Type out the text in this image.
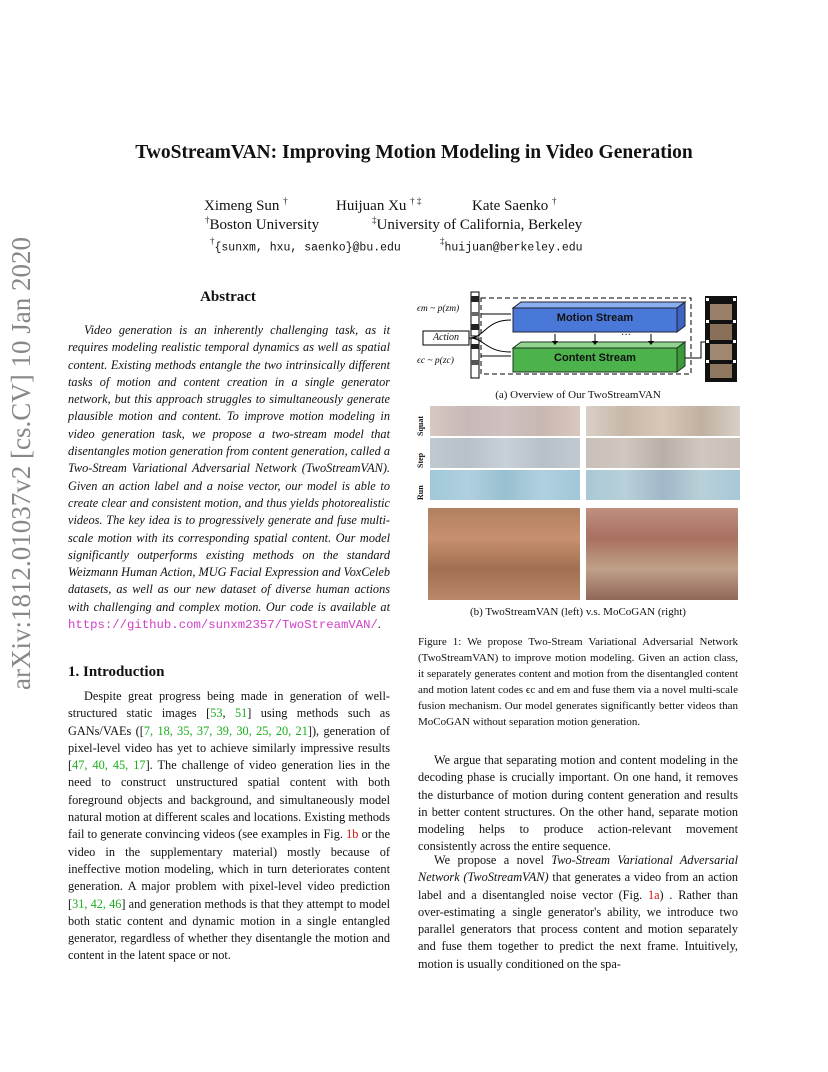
arXiv:1812.01037v2 [cs.CV] 10 Jan 2020
TwoStreamVAN: Improving Motion Modeling in Video Generation
Ximeng Sun †	Huijuan Xu † ‡	Kate Saenko †
†Boston University	‡University of California, Berkeley
†{sunxm, hxu, saenko}@bu.edu
‡huijuan@berkeley.edu
Abstract

Video generation is an inherently challenging task, as it requires modeling realistic temporal dynamics as well as spatial content. Existing methods entangle the two intrinsically different tasks of motion and content creation in a single generator network, but this approach struggles to simultaneously generate plausible motion and content. To improve motion modeling in video generation task, we propose a two-stream model that disentangles motion generation from content generation, called a Two-Stream Variational Adversarial Network (TwoStreamVAN). Given an action label and a noise vector, our model is able to create clear and consistent motion, and thus yields photorealistic videos. The key idea is to progressively generate and fuse multi-scale motion with its corresponding spatial content. Our model significantly outperforms existing methods on the standard Weizmann Human Action, MUG Facial Expression and VoxCeleb datasets, as well as our new dataset of diverse human actions with challenging and complex motion. Our code is available at https://github.com/sunxm2357/TwoStreamVAN/.

1. Introduction

Despite great progress being made in generation of well-structured static images [53, 51] using methods such as GANs/VAEs ([7, 18, 35, 37, 39, 30, 25, 20, 21]), generation of pixel-level video has yet to achieve similarly impressive results [47, 40, 45, 17]. The challenge of video generation lies in the need to construct unstructured spatial content with both foreground objects and background, and simultaneously model natural motion at different scales and locations. Existing methods fail to generate convincing videos (see examples in Fig. 1b or the video in the supplementary material) mostly because of ineffective motion modeling, which in turn deteriorates content generation. A major problem with pixel-level video prediction [31, 42, 46] and generation methods is that they attempt to model both static content and dynamic motion in a single entangled generator, regardless of whether they disentangle the motion and content in the latent space or not.

ϵm ~ p(zm)
ϵc ~ p(zc)
Action
Motion Stream
Content Stream
···
(a) Overview of Our TwoStreamVAN
Squat
Step
Run
(b) TwoStreamVAN (left) v.s. MoCoGAN (right)
Figure 1: We propose Two-Stream Variational Adversarial Network (TwoStreamVAN) to improve motion modeling. Given an action class, it separately generates content and motion from the disentangled content and motion latent codes ϵc and em and fuse them via a novel multi-scale fusion mechanism. Our model generates significantly better videos than MoCoGAN without separation motion generation.

We argue that separating motion and content modeling in the decoding phase is crucially important. On one hand, it removes the disturbance of motion during content generation and results in better content structures. On the other hand, separate motion modeling helps to produce action-relevant movement consistently across the entire sequence.

We propose a novel Two-Stream Variational Adversarial Network (TwoStreamVAN) that generates a video from an action label and a disentangled noise vector (Fig. 1a) . Rather than over-estimating a single generator's ability, we introduce two parallel generators that process content and motion separately and fuse them together to predict the next frame. Intuitively, motion is usually conditioned on the spa-
